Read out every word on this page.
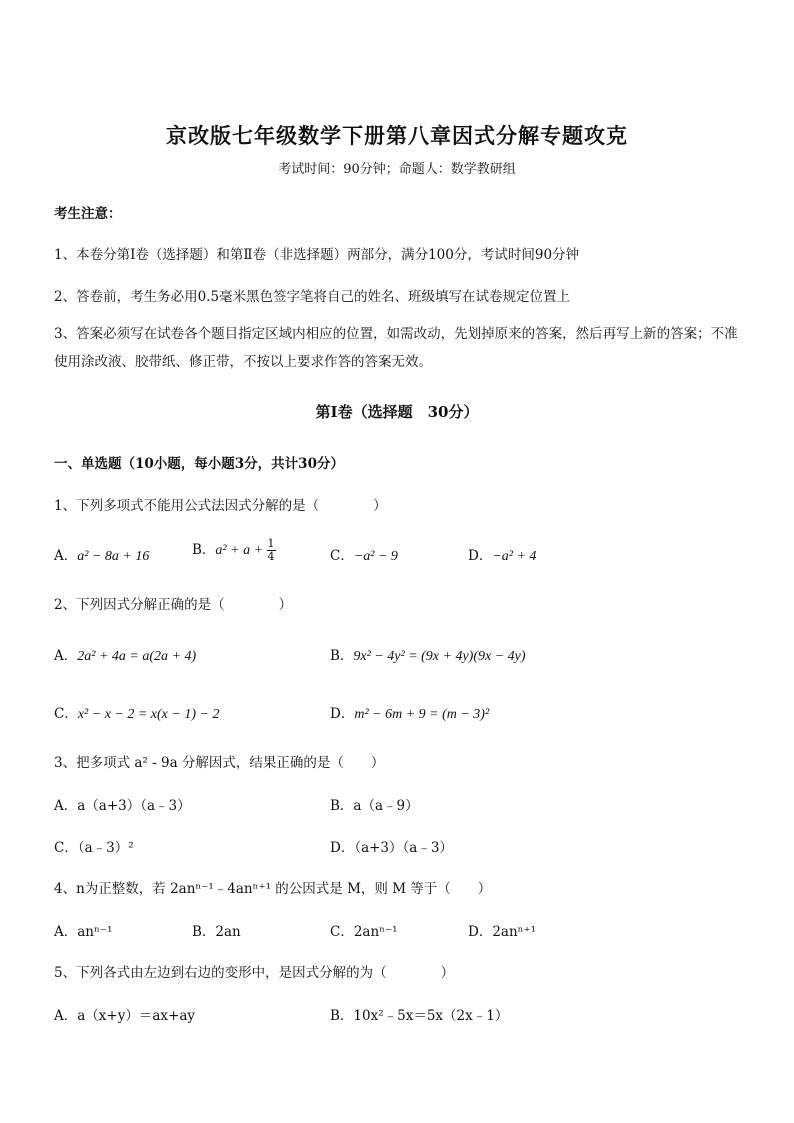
京改版七年级数学下册第八章因式分解专题攻克
考试时间：90分钟；命题人：数学教研组
考生注意：
1、本卷分第Ⅰ卷（选择题）和第Ⅱ卷（非选择题）两部分，满分100分，考试时间90分钟
2、答卷前，考生务必用0.5毫米黑色签字笔将自己的姓名、班级填写在试卷规定位置上
3、答案必须写在试卷各个题目指定区域内相应的位置，如需改动，先划掉原来的答案，然后再写上新的答案；不准使用涂改液、胶带纸、修正带，不按以上要求作答的答案无效。
第Ⅰ卷（选择题　30分）
一、单选题（10小题，每小题3分，共计30分）
1、下列多项式不能用公式法因式分解的是（　　　　）
A．a² − 8a + 16	B．$a^2 + a + \frac{1}{4}$	C．−a² − 9	D．−a² + 4
2、下列因式分解正确的是（　　　　）
A．2a² + 4a = a(2a + 4)	B．9x² − 4y² = (9x + 4y)(9x − 4y)
C．x² − x − 2 = x(x − 1) − 2	D．m² − 6m + 9 = (m − 3)²
3、把多项式 a² - 9a 分解因式，结果正确的是（　　）
A．a（a+3）（a﹣3）	B．a（a﹣9）
C．（a﹣3）²	D．（a+3）（a﹣3）
4、n为正整数，若 2anⁿ⁻¹﹣4anⁿ⁺¹ 的公因式是 M，则 M 等于（　　）
A．anⁿ⁻¹	B．2an	C．2anⁿ⁻¹	D．2anⁿ⁺¹
5、下列各式由左边到右边的变形中，是因式分解的为（　　　　）
A．a（x+y）＝ax+ay	B．10x²﹣5x＝5x（2x﹣1）
